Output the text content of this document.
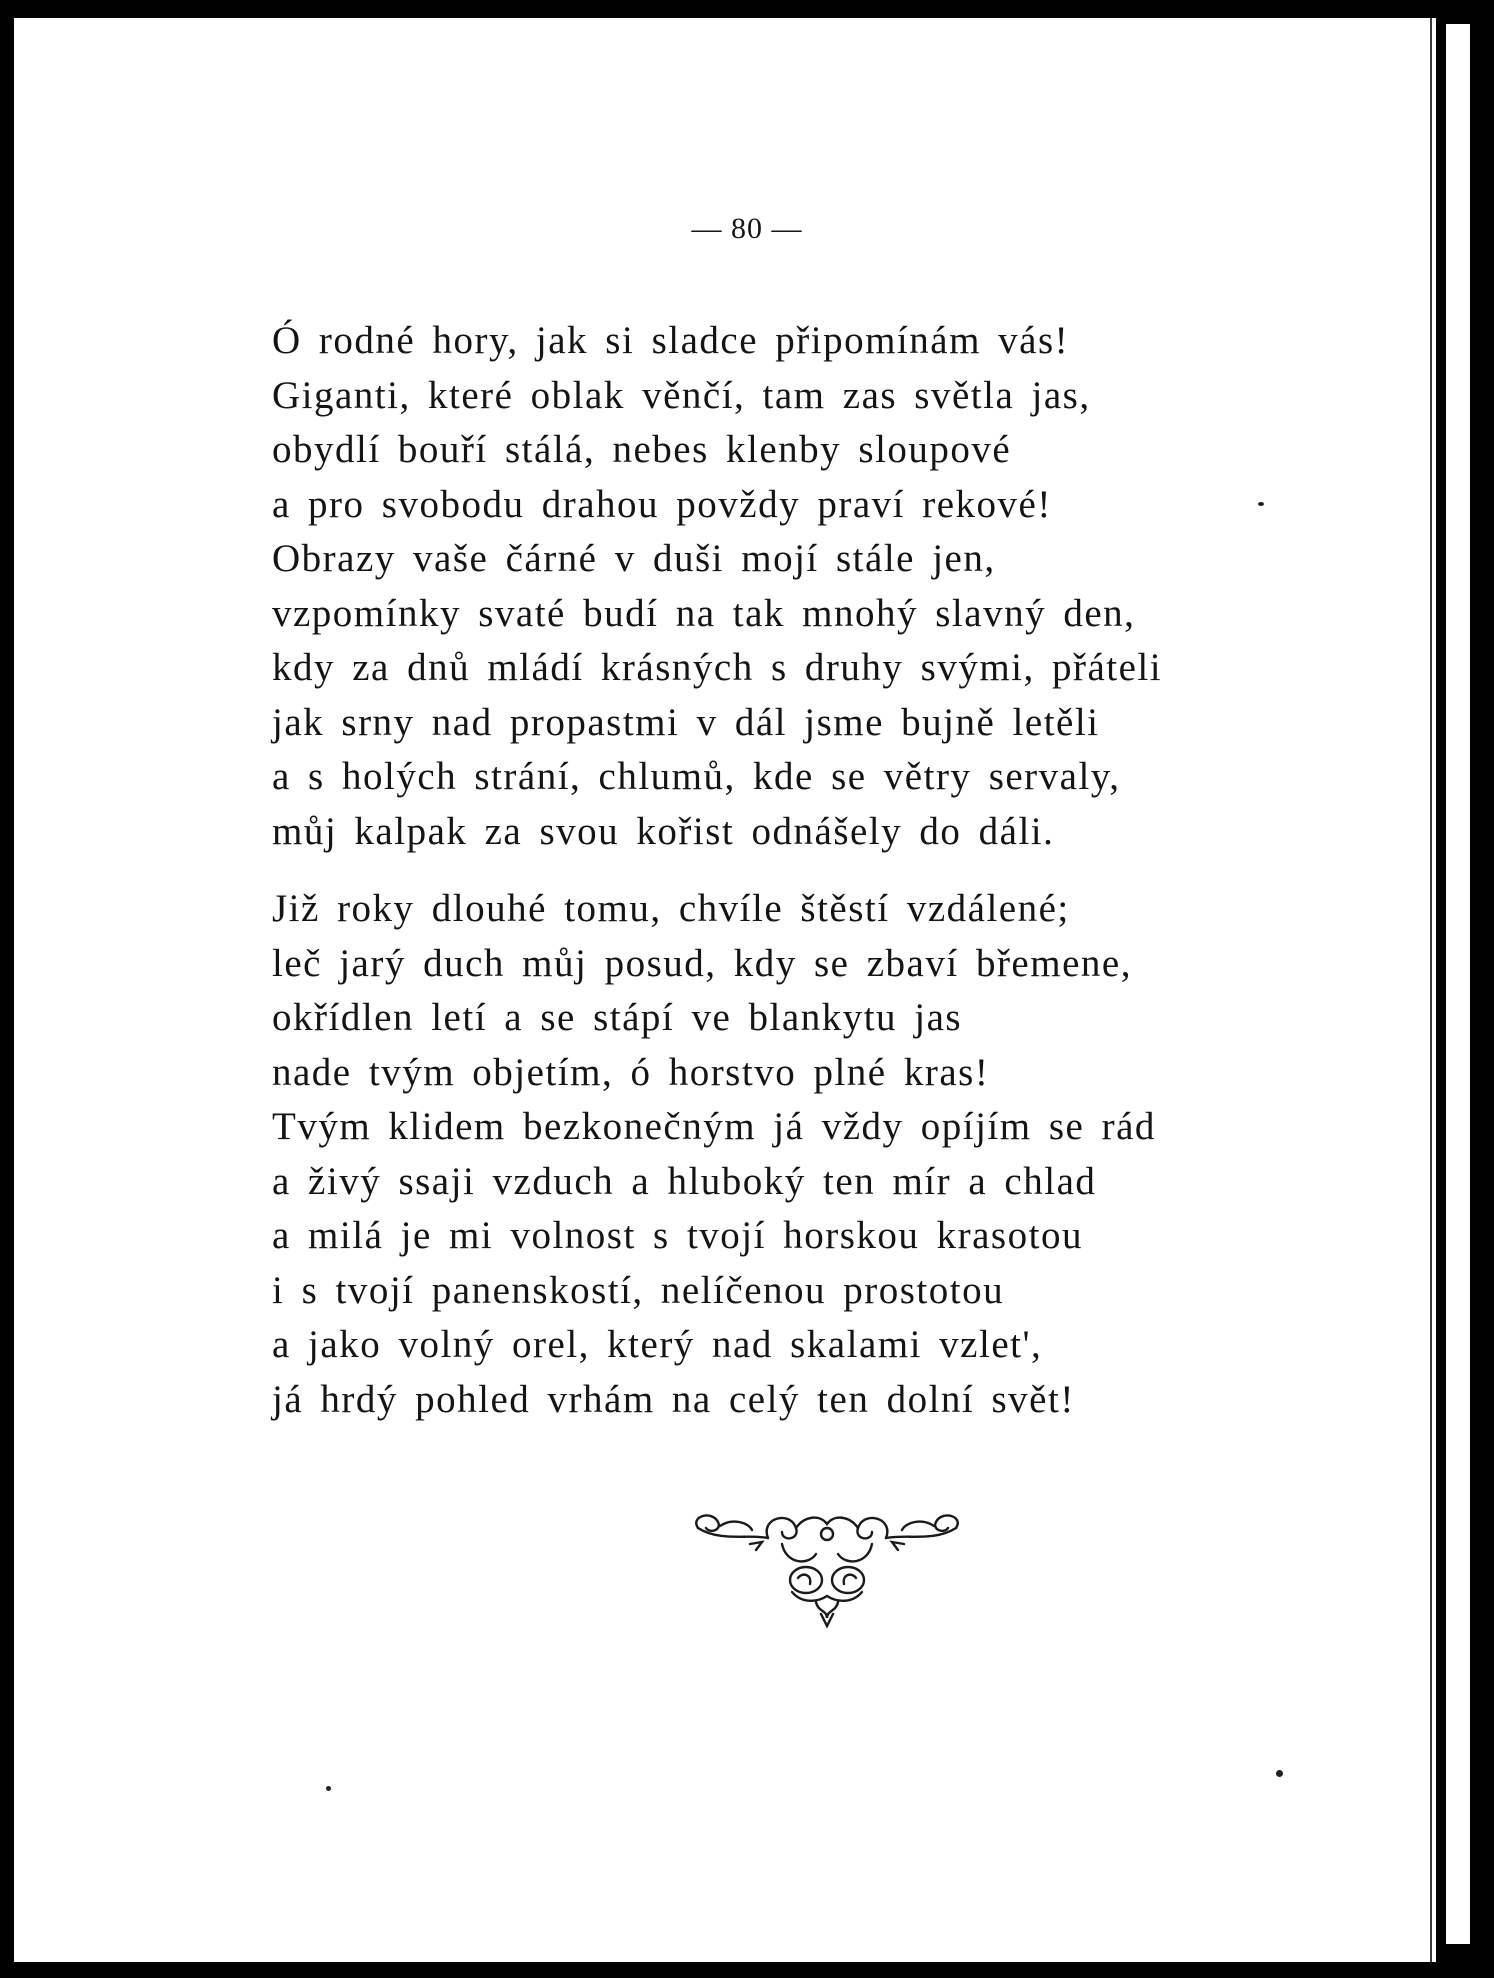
— 80 —
Ó rodné hory, jak si sladce připomínám vás!
Giganti, které oblak věnčí, tam zas světla jas,
obydlí bouří stálá, nebes klenby sloupové
a pro svobodu drahou povždy praví rekové!
Obrazy vaše čárné v duši mojí stále jen,
vzpomínky svaté budí na tak mnohý slavný den,
kdy za dnů mládí krásných s druhy svými, přáteli
jak srny nad propastmi v dál jsme bujně letěli
a s holých strání, chlumů, kde se větry servaly,
můj kalpak za svou kořist odnášely do dáli.
Již roky dlouhé tomu, chvíle štěstí vzdálené;
leč jarý duch můj posud, kdy se zbaví břemene,
okřídlen letí a se stápí ve blankytu jas
nade tvým objetím, ó horstvo plné kras!
Tvým klidem bezkonečným já vždy opíjím se rád
a živý ssaji vzduch a hluboký ten mír a chlad
a milá je mi volnost s tvojí horskou krasotou
i s tvojí panenskostí, nelíčenou prostotou
a jako volný orel, který nad skalami vzlet',
já hrdý pohled vrhám na celý ten dolní svět!
